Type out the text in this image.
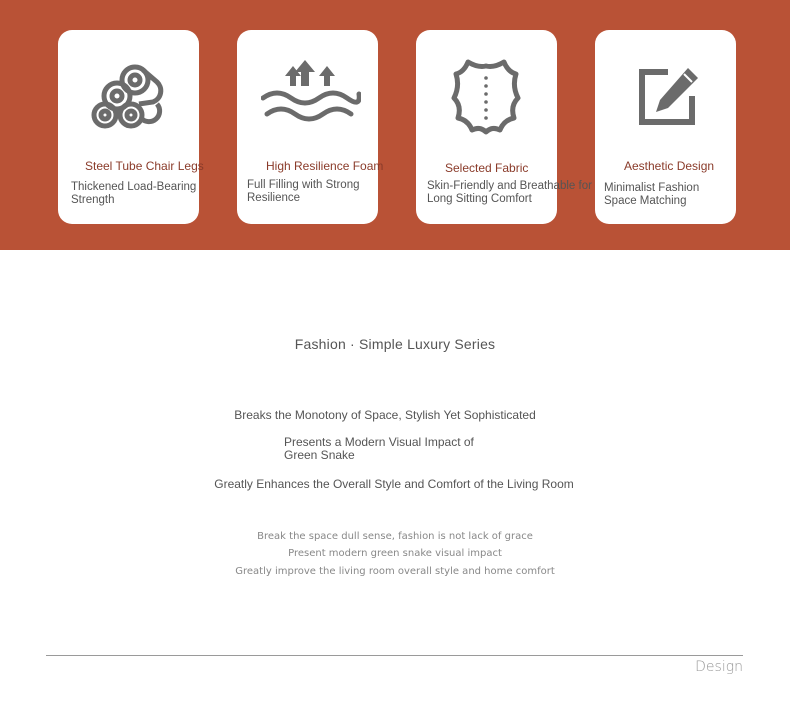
Steel Tube Chair Legs
Thickened Load-Bearing Strength
High Resilience Foam
Full Filling with Strong Resilience
Selected Fabric
Skin-Friendly and Breathable for Long Sitting Comfort
Aesthetic Design
Minimalist Fashion Space Matching
Fashion · Simple Luxury Series
Breaks the Monotony of Space, Stylish Yet Sophisticated
Presents a Modern Visual Impact of Green Snake
Greatly Enhances the Overall Style and Comfort of the Living Room
Break the space dull sense, fashion is not lack of grace
Present modern green snake visual impact
Greatly improve the living room overall style and home comfort
Design
